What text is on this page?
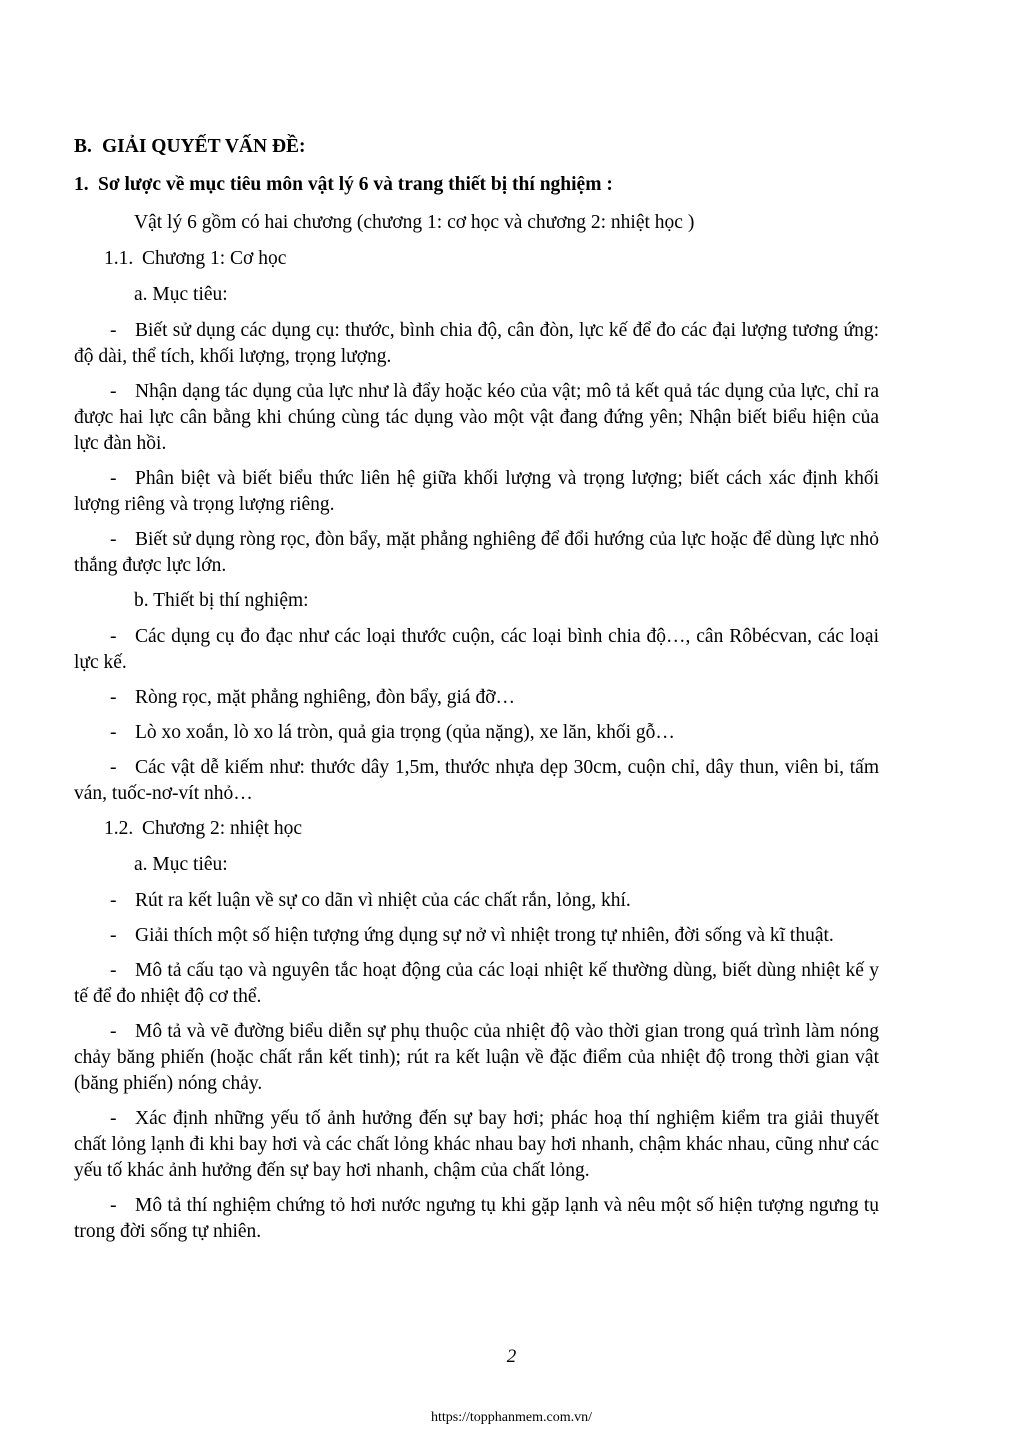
B. GIẢI QUYẾT VẤN ĐỀ:

1. Sơ lược về mục tiêu môn vật lý 6 và trang thiết bị thí nghiệm :

Vật lý 6 gồm có hai chương (chương 1: cơ học và chương 2: nhiệt học )

1.1. Chương 1: Cơ học

a. Mục tiêu:

- Biết sử dụng các dụng cụ: thước, bình chia độ, cân đòn, lực kế để đo các đại lượng tương ứng: độ dài, thể tích, khối lượng, trọng lượng.

- Nhận dạng tác dụng của lực như là đẩy hoặc kéo của vật; mô tả kết quả tác dụng của lực, chỉ ra được hai lực cân bằng khi chúng cùng tác dụng vào một vật đang đứng yên; Nhận biết biểu hiện của lực đàn hồi.

- Phân biệt và biết biểu thức liên hệ giữa khối lượng và trọng lượng; biết cách xác định khối lượng riêng và trọng lượng riêng.

- Biết sử dụng ròng rọc, đòn bẩy, mặt phẳng nghiêng để đổi hướng của lực hoặc để dùng lực nhỏ thắng được lực lớn.

b. Thiết bị thí nghiệm:

- Các dụng cụ đo đạc như các loại thước cuộn, các loại bình chia độ…, cân Rôbécvan, các loại lực kế.

- Ròng rọc, mặt phẳng nghiêng, đòn bẩy, giá đỡ…

- Lò xo xoắn, lò xo lá tròn, quả gia trọng (qủa nặng), xe lăn, khối gỗ…

- Các vật dễ kiếm như: thước dây 1,5m, thước nhựa dẹp 30cm, cuộn chỉ, dây thun, viên bi, tấm ván, tuốc-nơ-vít nhỏ…

1.2. Chương 2: nhiệt học

a. Mục tiêu:

- Rút ra kết luận về sự co dãn vì nhiệt của các chất rắn, lỏng, khí.

- Giải thích một số hiện tượng ứng dụng sự nở vì nhiệt trong tự nhiên, đời sống và kĩ thuật.

- Mô tả cấu tạo và nguyên tắc hoạt động của các loại nhiệt kế thường dùng, biết dùng nhiệt kế y tế để đo nhiệt độ cơ thể.

- Mô tả và vẽ đường biểu diễn sự phụ thuộc của nhiệt độ vào thời gian trong quá trình làm nóng chảy băng phiến (hoặc chất rắn kết tinh); rút ra kết luận về đặc điểm của nhiệt độ trong thời gian vật (băng phiến) nóng chảy.

- Xác định những yếu tố ảnh hưởng đến sự bay hơi; phác hoạ thí nghiệm kiểm tra giải thuyết chất lỏng lạnh đi khi bay hơi và các chất lỏng khác nhau bay hơi nhanh, chậm khác nhau, cũng như các yếu tố khác ảnh hưởng đến sự bay hơi nhanh, chậm của chất lỏng.

- Mô tả thí nghiệm chứng tỏ hơi nước ngưng tụ khi gặp lạnh và nêu một số hiện tượng ngưng tụ trong đời sống tự nhiên.

2
https://topphanmem.com.vn/
